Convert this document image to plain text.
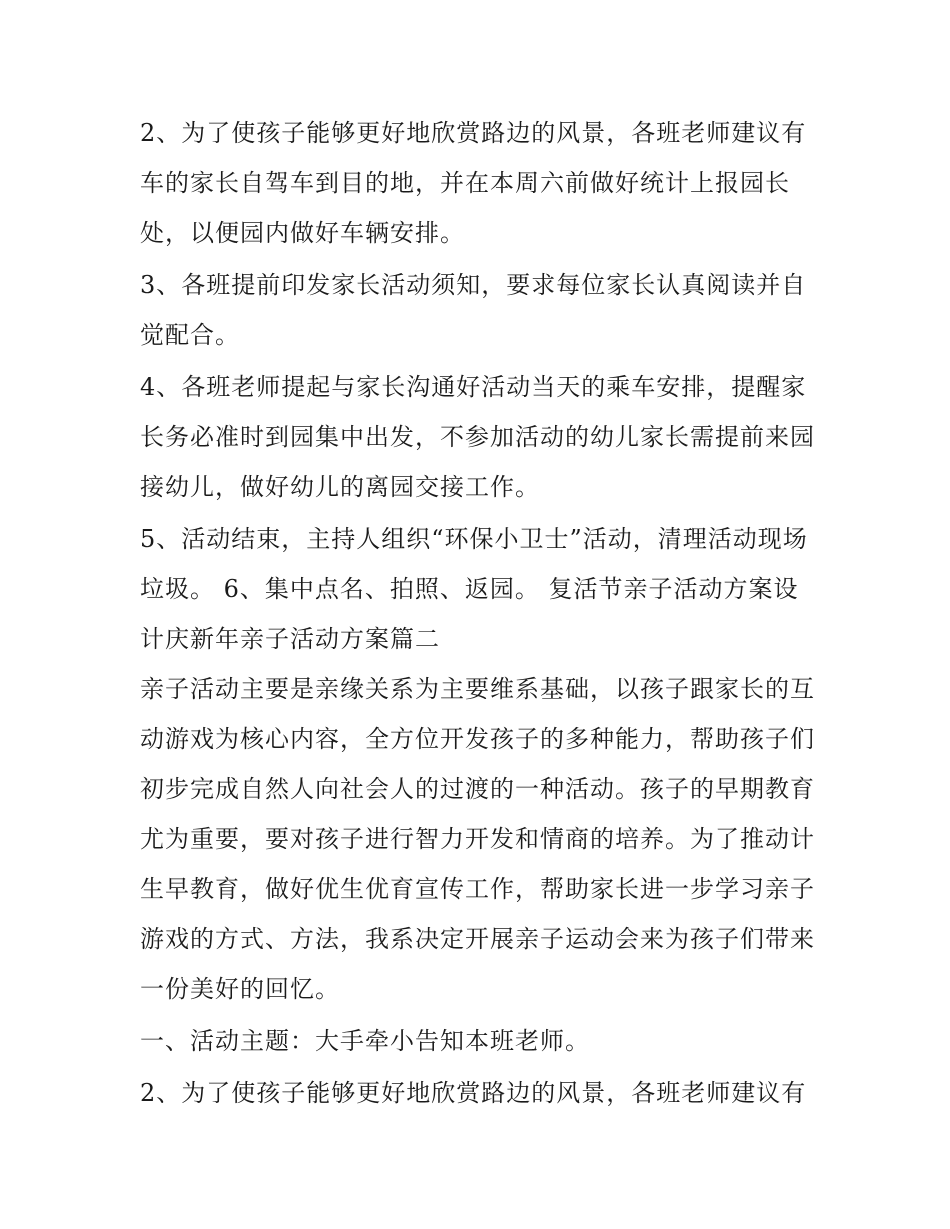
2、为了使孩子能够更好地欣赏路边的风景，各班老师建议有车的家长自驾车到目的地，并在本周六前做好统计上报园长处，以便园内做好车辆安排。

3、各班提前印发家长活动须知，要求每位家长认真阅读并自觉配合。

4、各班老师提起与家长沟通好活动当天的乘车安排，提醒家长务必准时到园集中出发，不参加活动的幼儿家长需提前来园接幼儿，做好幼儿的离园交接工作。

5、活动结束，主持人组织“环保小卫士”活动，清理活动现场垃圾。 6、集中点名、拍照、返园。 复活节亲子活动方案设计庆新年亲子活动方案篇二

亲子活动主要是亲缘关系为主要维系基础，以孩子跟家长的互动游戏为核心内容，全方位开发孩子的多种能力，帮助孩子们初步完成自然人向社会人的过渡的一种活动。孩子的早期教育尤为重要，要对孩子进行智力开发和情商的培养。为了推动计生早教育，做好优生优育宣传工作，帮助家长进一步学习亲子游戏的方式、方法，我系决定开展亲子运动会来为孩子们带来一份美好的回忆。

一、活动主题：大手牵小告知本班老师。

2、为了使孩子能够更好地欣赏路边的风景，各班老师建议有
